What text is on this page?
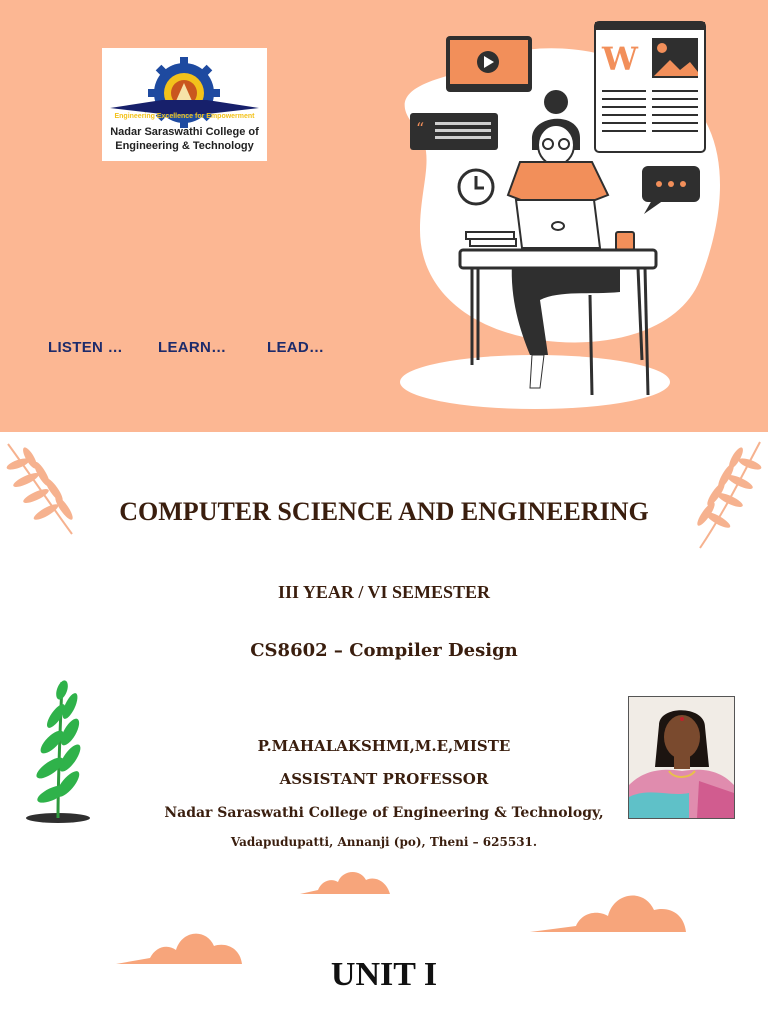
Engineering Excellence for Empowerment
Nadar Saraswathi College of
Engineering & Technology
LISTEN … LEARN…	LEAD…
“
W
COMPUTER SCIENCE AND ENGINEERING
III YEAR / VI SEMESTER
CS8602 – Compiler Design
P.MAHALAKSHMI,M.E,MISTE
ASSISTANT PROFESSOR
Nadar Saraswathi College of Engineering & Technology,
Vadapudupatti, Annanji (po), Theni – 625531.
UNIT I
